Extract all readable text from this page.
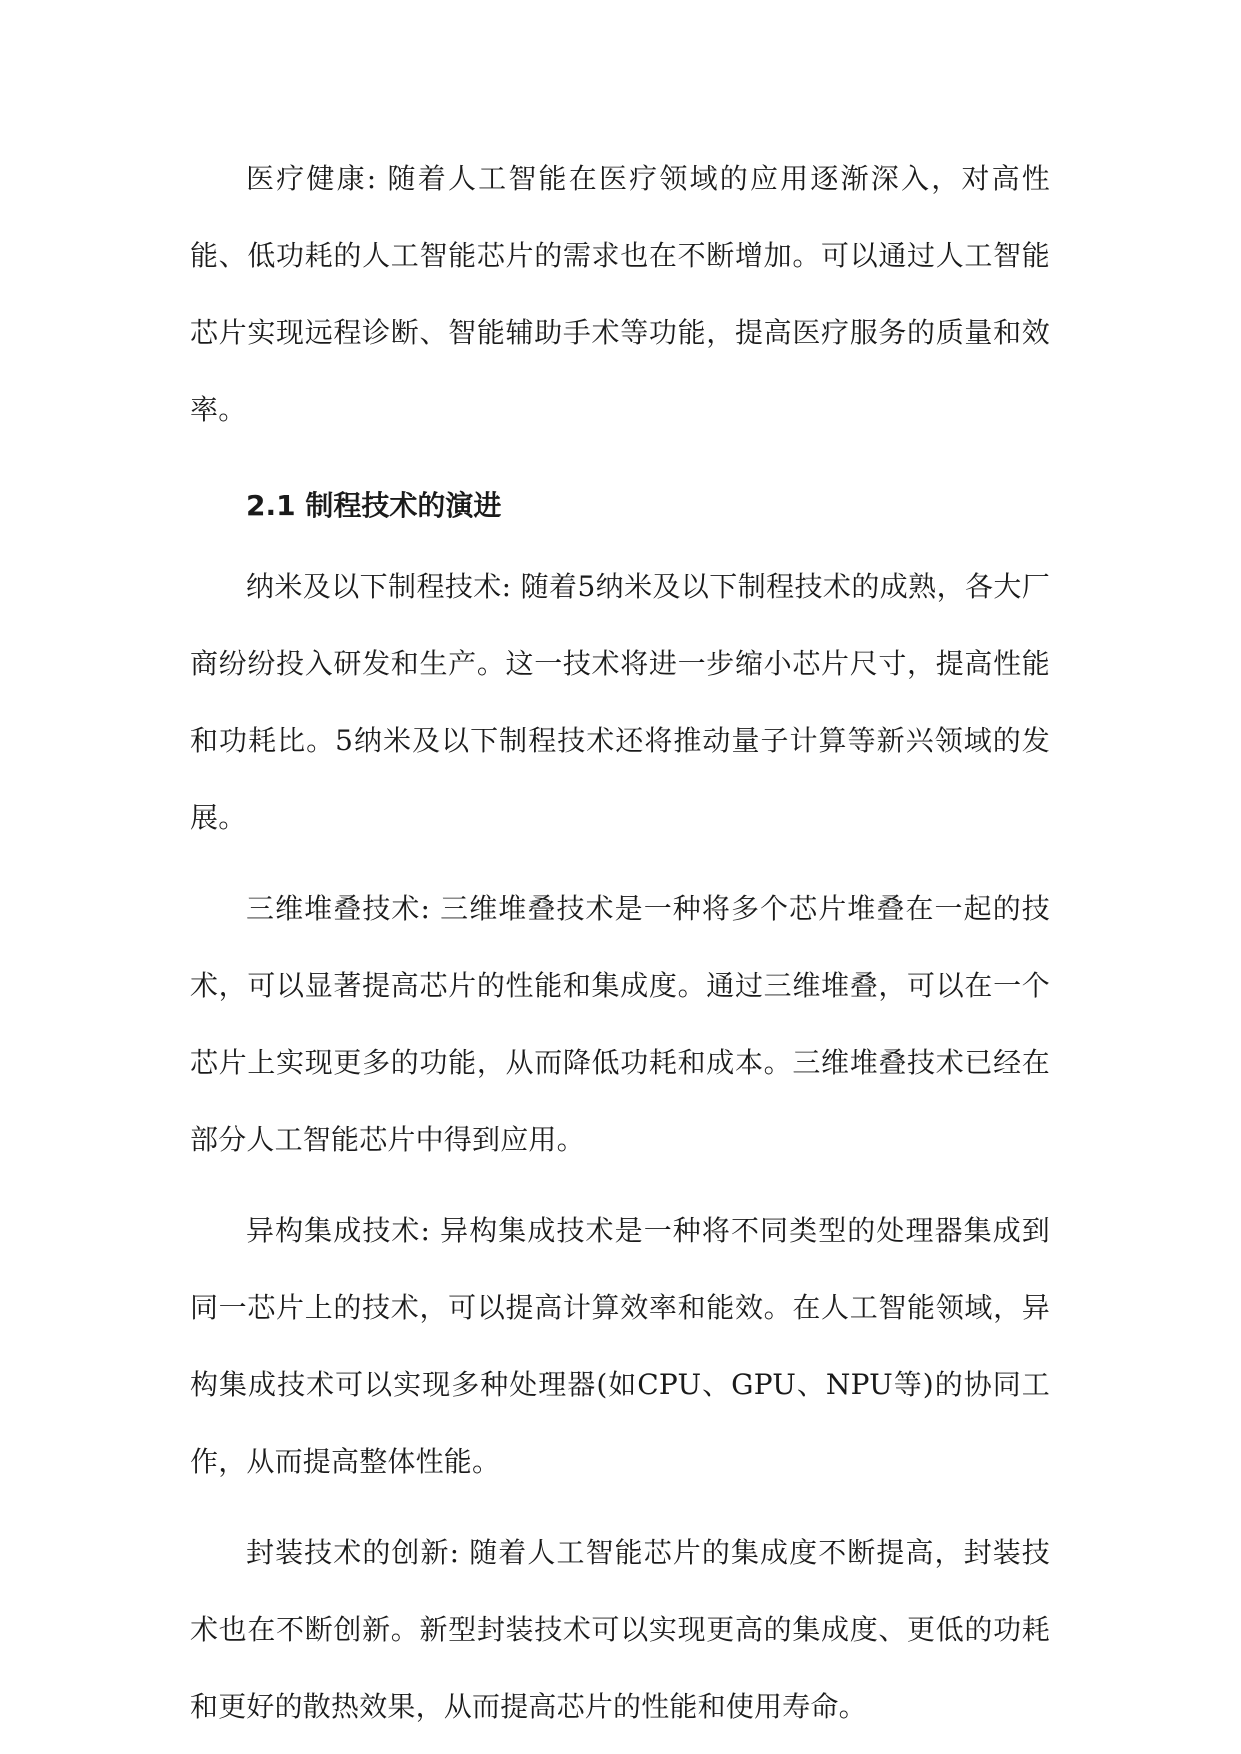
医疗健康: 随着人工智能在医疗领域的应用逐渐深入，对高性能、低功耗的人工智能芯片的需求也在不断增加。可以通过人工智能芯片实现远程诊断、智能辅助手术等功能，提高医疗服务的质量和效率。

2.1 制程技术的演进

纳米及以下制程技术: 随着5纳米及以下制程技术的成熟，各大厂商纷纷投入研发和生产。这一技术将进一步缩小芯片尺寸，提高性能和功耗比。5纳米及以下制程技术还将推动量子计算等新兴领域的发展。

三维堆叠技术: 三维堆叠技术是一种将多个芯片堆叠在一起的技术，可以显著提高芯片的性能和集成度。通过三维堆叠，可以在一个芯片上实现更多的功能，从而降低功耗和成本。三维堆叠技术已经在部分人工智能芯片中得到应用。

异构集成技术: 异构集成技术是一种将不同类型的处理器集成到同一芯片上的技术，可以提高计算效率和能效。在人工智能领域，异构集成技术可以实现多种处理器(如CPU、GPU、NPU等)的协同工作，从而提高整体性能。

封装技术的创新: 随着人工智能芯片的集成度不断提高，封装技术也在不断创新。新型封装技术可以实现更高的集成度、更低的功耗和更好的散热效果，从而提高芯片的性能和使用寿命。
